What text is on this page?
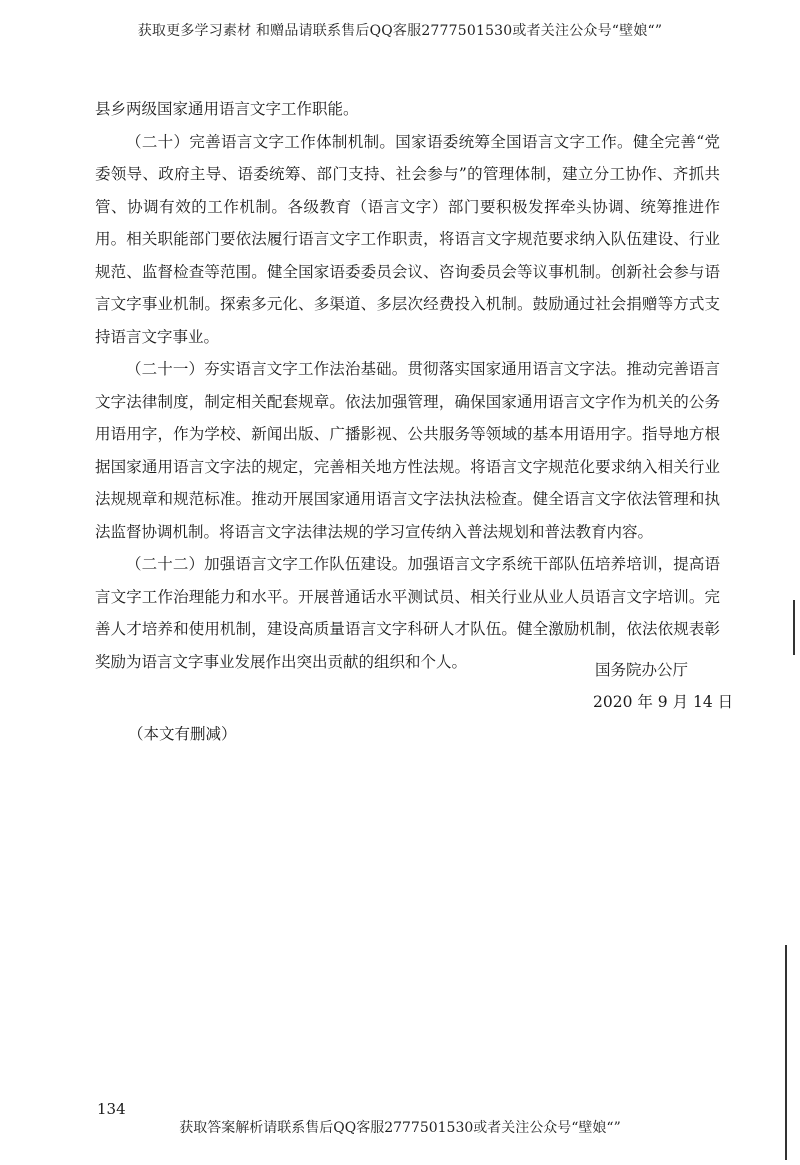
获取更多学习素材 和赠品请联系售后QQ客服2777501530或者关注公众号“壁娘“”

县乡两级国家通用语言文字工作职能。

（二十）完善语言文字工作体制机制。国家语委统筹全国语言文字工作。健全完善“党委领导、政府主导、语委统筹、部门支持、社会参与”的管理体制，建立分工协作、齐抓共管、协调有效的工作机制。各级教育（语言文字）部门要积极发挥牵头协调、统筹推进作用。相关职能部门要依法履行语言文字工作职责，将语言文字规范要求纳入队伍建设、行业规范、监督检查等范围。健全国家语委委员会议、咨询委员会等议事机制。创新社会参与语言文字事业机制。探索多元化、多渠道、多层次经费投入机制。鼓励通过社会捐赠等方式支持语言文字事业。

（二十一）夯实语言文字工作法治基础。贯彻落实国家通用语言文字法。推动完善语言文字法律制度，制定相关配套规章。依法加强管理，确保国家通用语言文字作为机关的公务用语用字，作为学校、新闻出版、广播影视、公共服务等领域的基本用语用字。指导地方根据国家通用语言文字法的规定，完善相关地方性法规。将语言文字规范化要求纳入相关行业法规规章和规范标准。推动开展国家通用语言文字法执法检查。健全语言文字依法管理和执法监督协调机制。将语言文字法律法规的学习宣传纳入普法规划和普法教育内容。

（二十二）加强语言文字工作队伍建设。加强语言文字系统干部队伍培养培训，提高语言文字工作治理能力和水平。开展普通话水平测试员、相关行业从业人员语言文字培训。完善人才培养和使用机制，建设高质量语言文字科研人才队伍。健全激励机制，依法依规表彰奖励为语言文字事业发展作出突出贡献的组织和个人。	国务院办公厅
2020 年 9 月 14 日
（本文有删减）
134
获取答案解析请联系售后QQ客服2777501530或者关注公众号“壁娘“”
